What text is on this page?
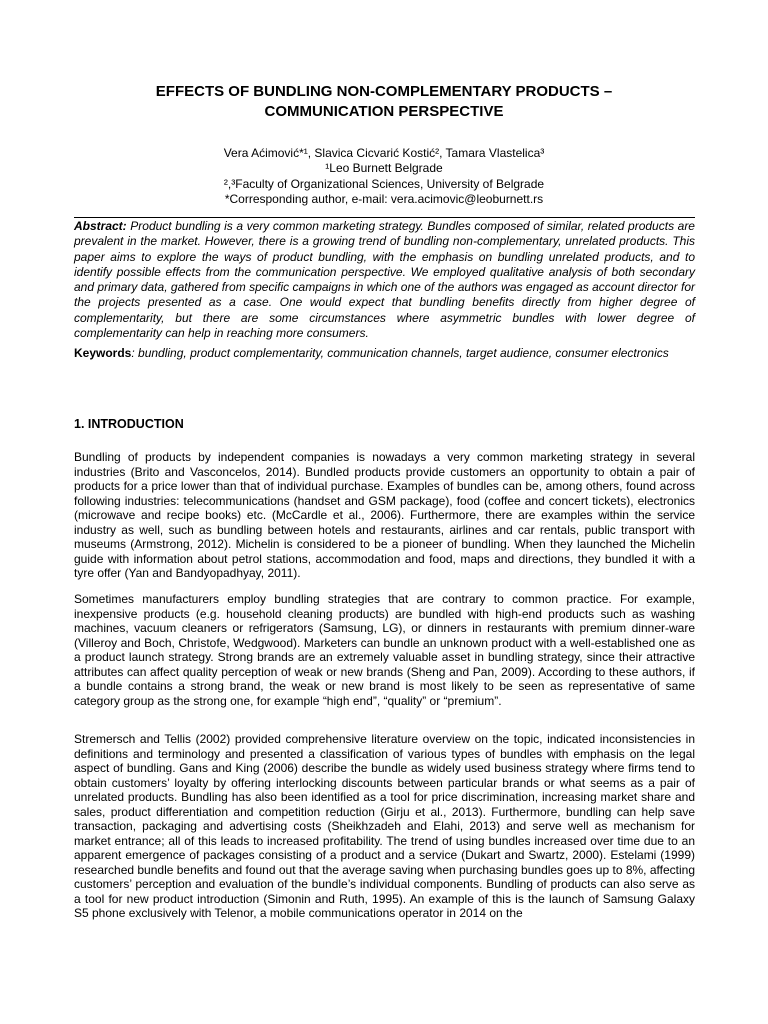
EFFECTS OF BUNDLING NON-COMPLEMENTARY PRODUCTS –
COMMUNICATION PERSPECTIVE
Vera Aćimović*¹, Slavica Cicvarić Kostić², Tamara Vlastelica³
¹Leo Burnett Belgrade
²,³Faculty of Organizational Sciences, University of Belgrade
*Corresponding author, e-mail: vera.acimovic@leoburnett.rs
Abstract: Product bundling is a very common marketing strategy. Bundles composed of similar, related products are prevalent in the market. However, there is a growing trend of bundling non-complementary, unrelated products. This paper aims to explore the ways of product bundling, with the emphasis on bundling unrelated products, and to identify possible effects from the communication perspective. We employed qualitative analysis of both secondary and primary data, gathered from specific campaigns in which one of the authors was engaged as account director for the projects presented as a case. One would expect that bundling benefits directly from higher degree of complementarity, but there are some circumstances where asymmetric bundles with lower degree of complementarity can help in reaching more consumers.
Keywords: bundling, product complementarity, communication channels, target audience, consumer electronics
1. INTRODUCTION
Bundling of products by independent companies is nowadays a very common marketing strategy in several industries (Brito and Vasconcelos, 2014). Bundled products provide customers an opportunity to obtain a pair of products for a price lower than that of individual purchase. Examples of bundles can be, among others, found across following industries: telecommunications (handset and GSM package), food (coffee and concert tickets), electronics (microwave and recipe books) etc. (McCardle et al., 2006). Furthermore, there are examples within the service industry as well, such as bundling between hotels and restaurants, airlines and car rentals, public transport with museums (Armstrong, 2012). Michelin is considered to be a pioneer of bundling. When they launched the Michelin guide with information about petrol stations, accommodation and food, maps and directions, they bundled it with a tyre offer (Yan and Bandyopadhyay, 2011).
Sometimes manufacturers employ bundling strategies that are contrary to common practice. For example, inexpensive products (e.g. household cleaning products) are bundled with high-end products such as washing machines, vacuum cleaners or refrigerators (Samsung, LG), or dinners in restaurants with premium dinner-ware (Villeroy and Boch, Christofe, Wedgwood). Marketers can bundle an unknown product with a well-established one as a product launch strategy. Strong brands are an extremely valuable asset in bundling strategy, since their attractive attributes can affect quality perception of weak or new brands (Sheng and Pan, 2009). According to these authors, if a bundle contains a strong brand, the weak or new brand is most likely to be seen as representative of same category group as the strong one, for example “high end”, “quality” or “premium”.
Stremersch and Tellis (2002) provided comprehensive literature overview on the topic, indicated inconsistencies in definitions and terminology and presented a classification of various types of bundles with emphasis on the legal aspect of bundling. Gans and King (2006) describe the bundle as widely used business strategy where firms tend to obtain customers’ loyalty by offering interlocking discounts between particular brands or what seems as a pair of unrelated products. Bundling has also been identified as a tool for price discrimination, increasing market share and sales, product differentiation and competition reduction (Girju et al., 2013). Furthermore, bundling can help save transaction, packaging and advertising costs (Sheikhzadeh and Elahi, 2013) and serve well as mechanism for market entrance; all of this leads to increased profitability. The trend of using bundles increased over time due to an apparent emergence of packages consisting of a product and a service (Dukart and Swartz, 2000). Estelami (1999) researched bundle benefits and found out that the average saving when purchasing bundles goes up to 8%, affecting customers’ perception and evaluation of the bundle’s individual components. Bundling of products can also serve as a tool for new product introduction (Simonin and Ruth, 1995). An example of this is the launch of Samsung Galaxy S5 phone exclusively with Telenor, a mobile communications operator in 2014 on the
